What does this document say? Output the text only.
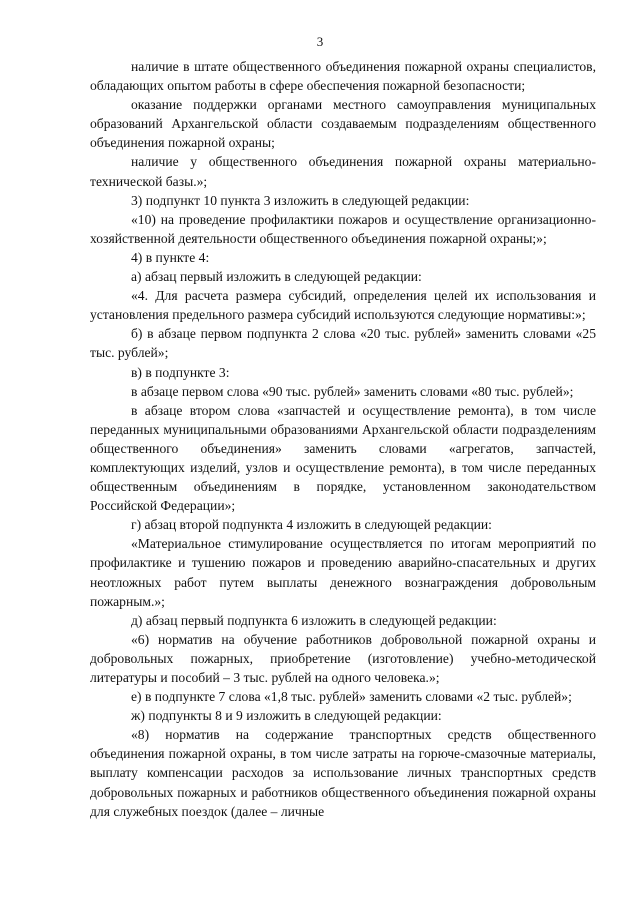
3

наличие в штате общественного объединения пожарной охраны специалистов, обладающих опытом работы в сфере обеспечения пожарной безопасности;

оказание поддержки органами местного самоуправления муниципальных образований Архангельской области создаваемым подразделениям общественного объединения пожарной охраны;

наличие у общественного объединения пожарной охраны материально-технической базы.»;

3) подпункт 10 пункта 3 изложить в следующей редакции:

«10) на проведение профилактики пожаров и осуществление организационно-хозяйственной деятельности общественного объединения пожарной охраны;»;

4) в пункте 4:

а) абзац первый изложить в следующей редакции:

«4. Для расчета размера субсидий, определения целей их использования и установления предельного размера субсидий используются следующие нормативы:»;

б) в абзаце первом подпункта 2 слова «20 тыс. рублей» заменить словами «25 тыс. рублей»;

в) в подпункте 3:

в абзаце первом слова «90 тыс. рублей» заменить словами «80 тыс. рублей»;

в абзаце втором слова «запчастей и осуществление ремонта), в том числе переданных муниципальными образованиями Архангельской области подразделениям общественного объединения» заменить словами «агрегатов, запчастей, комплектующих изделий, узлов и осуществление ремонта), в том числе переданных общественным объединениям в порядке, установленном законодательством Российской Федерации»;

г) абзац второй подпункта 4 изложить в следующей редакции:

«Материальное стимулирование осуществляется по итогам мероприятий по профилактике и тушению пожаров и проведению аварийно-спасательных и других неотложных работ путем выплаты денежного вознаграждения добровольным пожарным.»;

д) абзац первый подпункта 6 изложить в следующей редакции:

«6) норматив на обучение работников добровольной пожарной охраны и добровольных пожарных, приобретение (изготовление) учебно-методической литературы и пособий – 3 тыс. рублей на одного человека.»;

е) в подпункте 7 слова «1,8 тыс. рублей» заменить словами «2 тыс. рублей»;

ж) подпункты 8 и 9 изложить в следующей редакции:

«8) норматив на содержание транспортных средств общественного объединения пожарной охраны, в том числе затраты на горюче-смазочные материалы, выплату компенсации расходов за использование личных транспортных средств добровольных пожарных и работников общественного объединения пожарной охраны для служебных поездок (далее – личные
